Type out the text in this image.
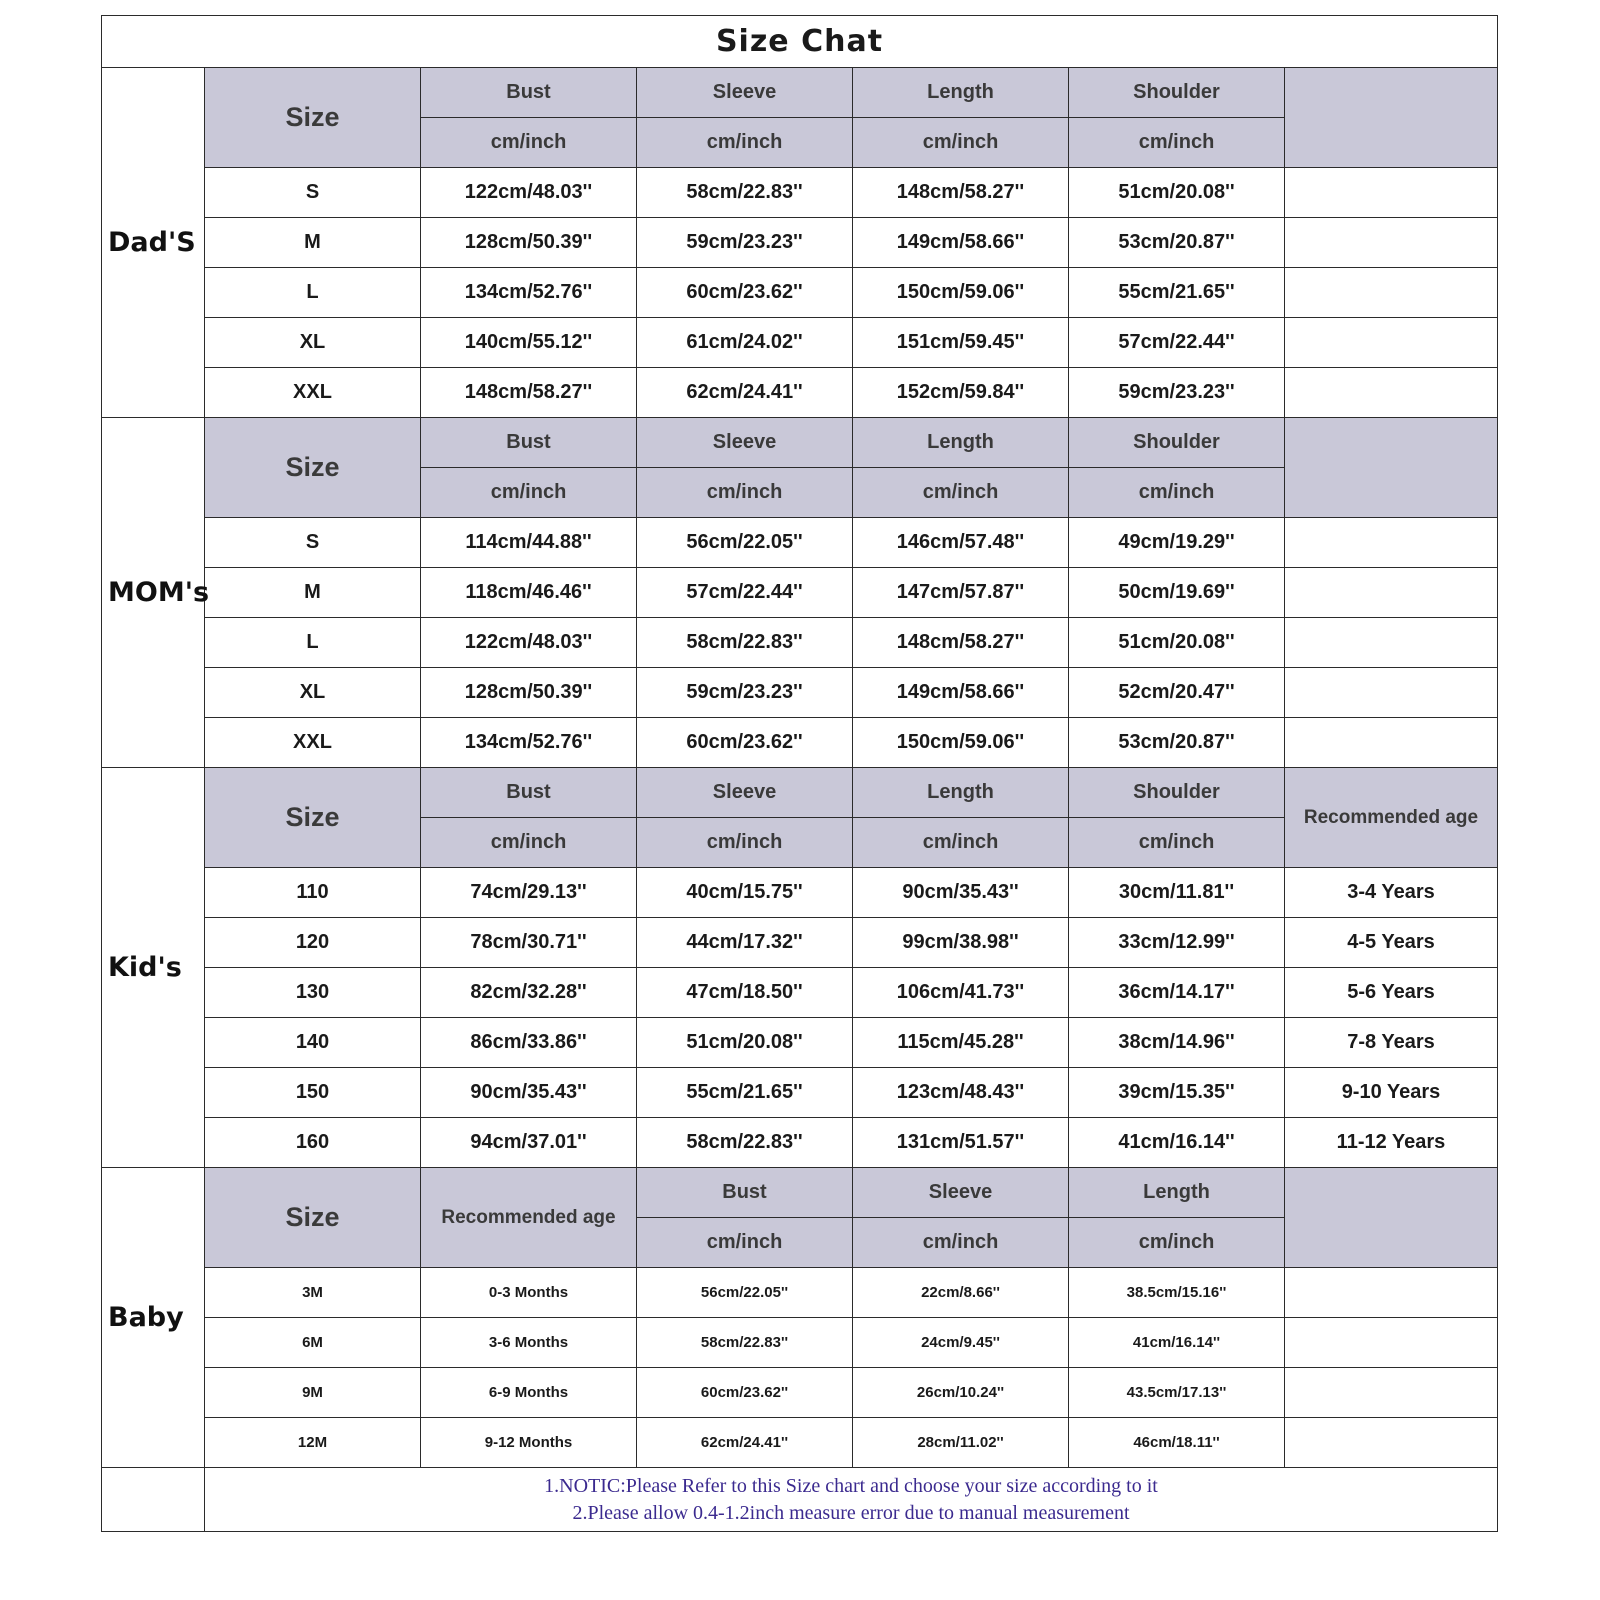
Size Chat						
Dad'S	Size	Bust	Sleeve	Length	Shoulder	
		cm/inch	cm/inch	cm/inch	cm/inch	
	S	122cm/48.03''	58cm/22.83''	148cm/58.27''	51cm/20.08''	
	M	128cm/50.39''	59cm/23.23''	149cm/58.66''	53cm/20.87''	
	L	134cm/52.76''	60cm/23.62''	150cm/59.06''	55cm/21.65''	
	XL	140cm/55.12''	61cm/24.02''	151cm/59.45''	57cm/22.44''	
	XXL	148cm/58.27''	62cm/24.41''	152cm/59.84''	59cm/23.23''	
MOM's	Size	Bust	Sleeve	Length	Shoulder	
		cm/inch	cm/inch	cm/inch	cm/inch	
	S	114cm/44.88''	56cm/22.05''	146cm/57.48''	49cm/19.29''	
	M	118cm/46.46''	57cm/22.44''	147cm/57.87''	50cm/19.69''	
	L	122cm/48.03''	58cm/22.83''	148cm/58.27''	51cm/20.08''	
	XL	128cm/50.39''	59cm/23.23''	149cm/58.66''	52cm/20.47''	
	XXL	134cm/52.76''	60cm/23.62''	150cm/59.06''	53cm/20.87''	
Kid's	Size	Bust	Sleeve	Length	Shoulder	Recommended age
		cm/inch	cm/inch	cm/inch	cm/inch	
	110	74cm/29.13''	40cm/15.75''	90cm/35.43''	30cm/11.81''	3-4 Years
	120	78cm/30.71''	44cm/17.32''	99cm/38.98''	33cm/12.99''	4-5 Years
	130	82cm/32.28''	47cm/18.50''	106cm/41.73''	36cm/14.17''	5-6 Years
	140	86cm/33.86''	51cm/20.08''	115cm/45.28''	38cm/14.96''	7-8 Years
	150	90cm/35.43''	55cm/21.65''	123cm/48.43''	39cm/15.35''	9-10 Years
	160	94cm/37.01''	58cm/22.83''	131cm/51.57''	41cm/16.14''	11-12 Years
Baby	Size	Recommended age	Bust	Sleeve	Length	
			cm/inch	cm/inch	cm/inch	
	3M	0-3 Months	56cm/22.05''	22cm/8.66''	38.5cm/15.16''	
	6M	3-6 Months	58cm/22.83''	24cm/9.45''	41cm/16.14''	
	9M	6-9 Months	60cm/23.62''	26cm/10.24''	43.5cm/17.13''	
	12M	9-12 Months	62cm/24.41''	28cm/11.02''	46cm/18.11''	

	1.NOTIC:Please Refer to this Size chart and choose your size according to it
2.Please allow 0.4-1.2inch measure error due to manual measurement					
